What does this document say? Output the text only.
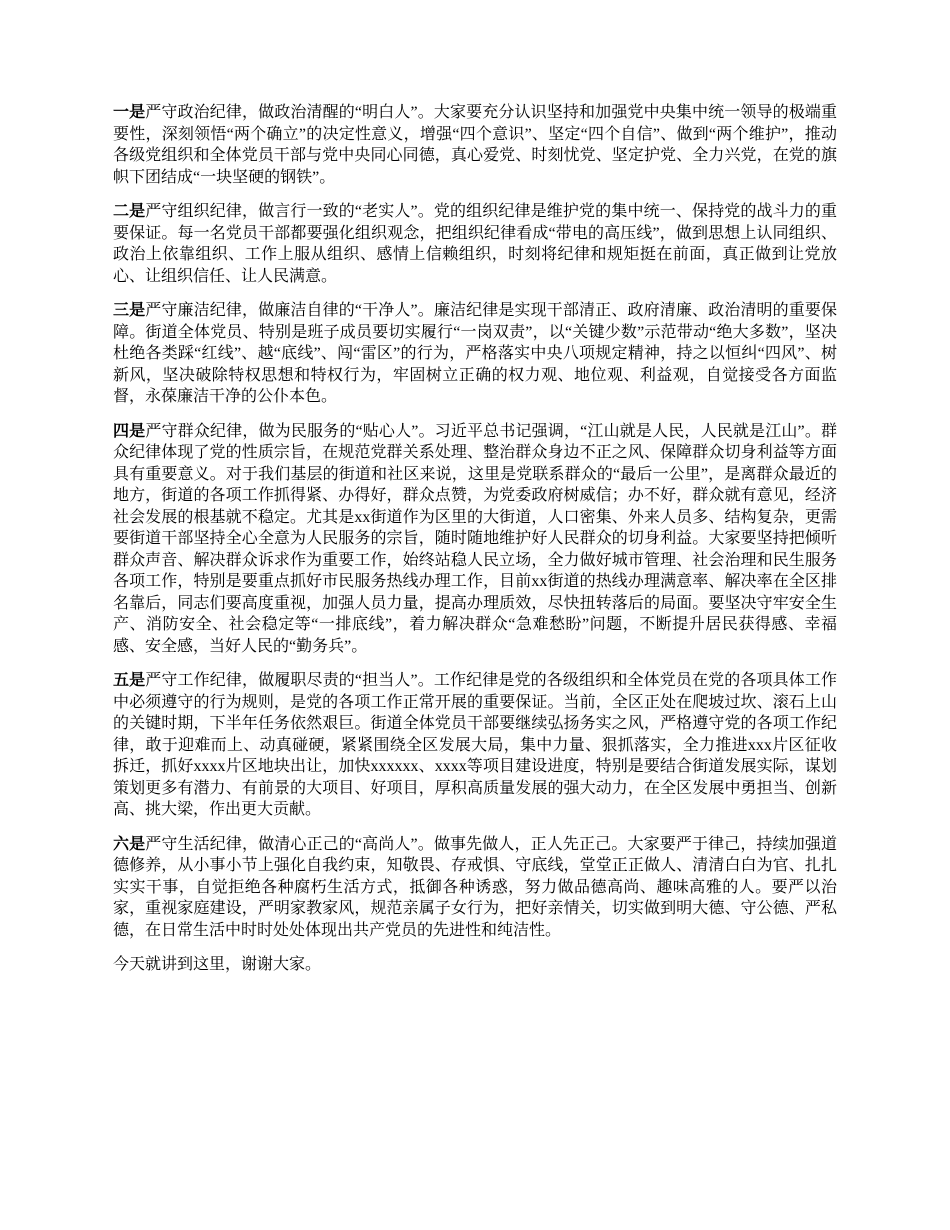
一是严守政治纪律，做政治清醒的“明白人”。大家要充分认识坚持和加强党中央集中统一领导的极端重要性，深刻领悟“两个确立”的决定性意义，增强“四个意识”、坚定“四个自信”、做到“两个维护”，推动各级党组织和全体党员干部与党中央同心同德，真心爱党、时刻忧党、坚定护党、全力兴党，在党的旗帜下团结成“一块坚硬的钢铁”。

二是严守组织纪律，做言行一致的“老实人”。党的组织纪律是维护党的集中统一、保持党的战斗力的重要保证。每一名党员干部都要强化组织观念，把组织纪律看成“带电的高压线”，做到思想上认同组织、政治上依靠组织、工作上服从组织、感情上信赖组织，时刻将纪律和规矩挺在前面，真正做到让党放心、让组织信任、让人民满意。

三是严守廉洁纪律，做廉洁自律的“干净人”。廉洁纪律是实现干部清正、政府清廉、政治清明的重要保障。街道全体党员、特别是班子成员要切实履行“一岗双责”，以“关键少数”示范带动“绝大多数”，坚决杜绝各类踩“红线”、越“底线”、闯“雷区”的行为，严格落实中央八项规定精神，持之以恒纠“四风”、树新风，坚决破除特权思想和特权行为，牢固树立正确的权力观、地位观、利益观，自觉接受各方面监督，永葆廉洁干净的公仆本色。

四是严守群众纪律，做为民服务的“贴心人”。习近平总书记强调，“江山就是人民，人民就是江山”。群众纪律体现了党的性质宗旨，在规范党群关系处理、整治群众身边不正之风、保障群众切身利益等方面具有重要意义。对于我们基层的街道和社区来说，这里是党联系群众的“最后一公里”，是离群众最近的地方，街道的各项工作抓得紧、办得好，群众点赞，为党委政府树威信；办不好，群众就有意见，经济社会发展的根基就不稳定。尤其是xx街道作为区里的大街道，人口密集、外来人员多、结构复杂，更需要街道干部坚持全心全意为人民服务的宗旨，随时随地维护好人民群众的切身利益。大家要坚持把倾听群众声音、解决群众诉求作为重要工作，始终站稳人民立场，全力做好城市管理、社会治理和民生服务各项工作，特别是要重点抓好市民服务热线办理工作，目前xx街道的热线办理满意率、解决率在全区排名靠后，同志们要高度重视，加强人员力量，提高办理质效，尽快扭转落后的局面。要坚决守牢安全生产、消防安全、社会稳定等“一排底线”，着力解决群众“急难愁盼”问题，不断提升居民获得感、幸福感、安全感，当好人民的“勤务兵”。

五是严守工作纪律，做履职尽责的“担当人”。工作纪律是党的各级组织和全体党员在党的各项具体工作中必须遵守的行为规则，是党的各项工作正常开展的重要保证。当前，全区正处在爬坡过坎、滚石上山的关键时期，下半年任务依然艰巨。街道全体党员干部要继续弘扬务实之风，严格遵守党的各项工作纪律，敢于迎难而上、动真碰硬，紧紧围绕全区发展大局，集中力量、狠抓落实，全力推进xxx片区征收拆迁，抓好xxxx片区地块出让，加快xxxxxx、xxxx等项目建设进度，特别是要结合街道发展实际，谋划策划更多有潜力、有前景的大项目、好项目，厚积高质量发展的强大动力，在全区发展中勇担当、创新高、挑大梁，作出更大贡献。

六是严守生活纪律，做清心正己的“高尚人”。做事先做人，正人先正己。大家要严于律己，持续加强道德修养，从小事小节上强化自我约束，知敬畏、存戒惧、守底线，堂堂正正做人、清清白白为官、扎扎实实干事，自觉拒绝各种腐朽生活方式，抵御各种诱惑，努力做品德高尚、趣味高雅的人。要严以治家，重视家庭建设，严明家教家风，规范亲属子女行为，把好亲情关，切实做到明大德、守公德、严私德，在日常生活中时时处处体现出共产党员的先进性和纯洁性。

今天就讲到这里，谢谢大家。
